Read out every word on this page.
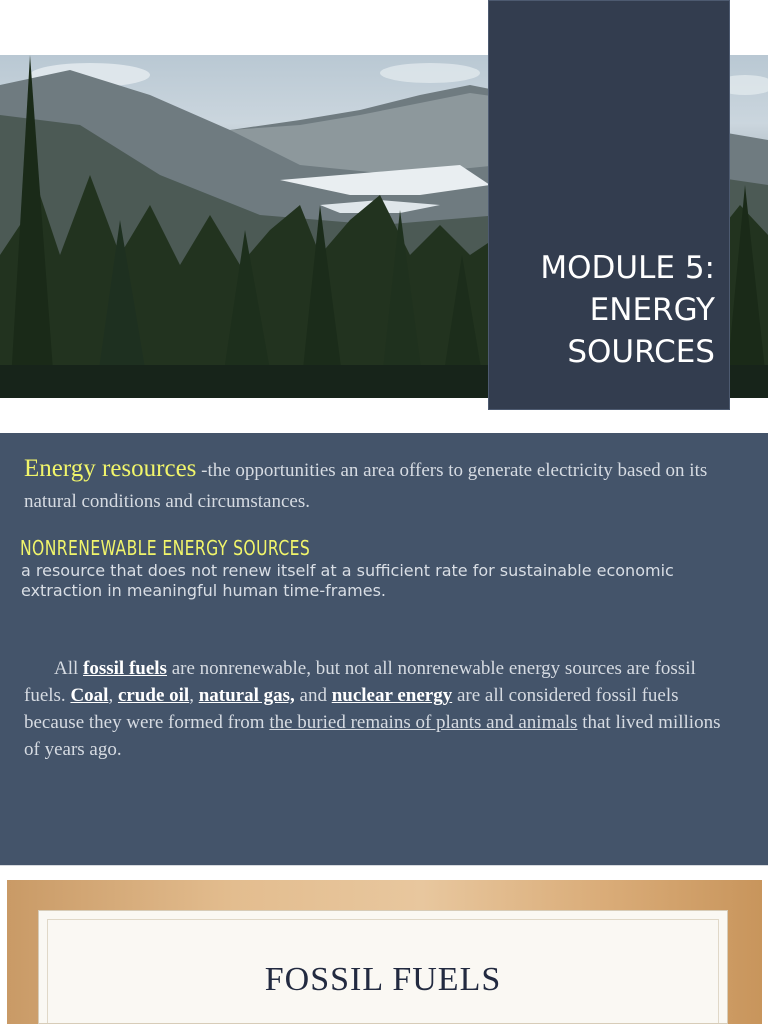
MODULE 5:
ENERGY
SOURCES
Energy resources -the opportunities an area offers to generate electricity based on its natural conditions and circumstances.
NONRENEWABLE ENERGY SOURCES
a resource that does not renew itself at a sufficient rate for sustainable economic extraction in meaningful human time-frames.
All fossil fuels are nonrenewable, but not all nonrenewable energy sources are fossil fuels. Coal, crude oil, natural gas, and nuclear energy are all considered fossil fuels because they were formed from the buried remains of plants and animals that lived millions of years ago.
FOSSIL FUELS
